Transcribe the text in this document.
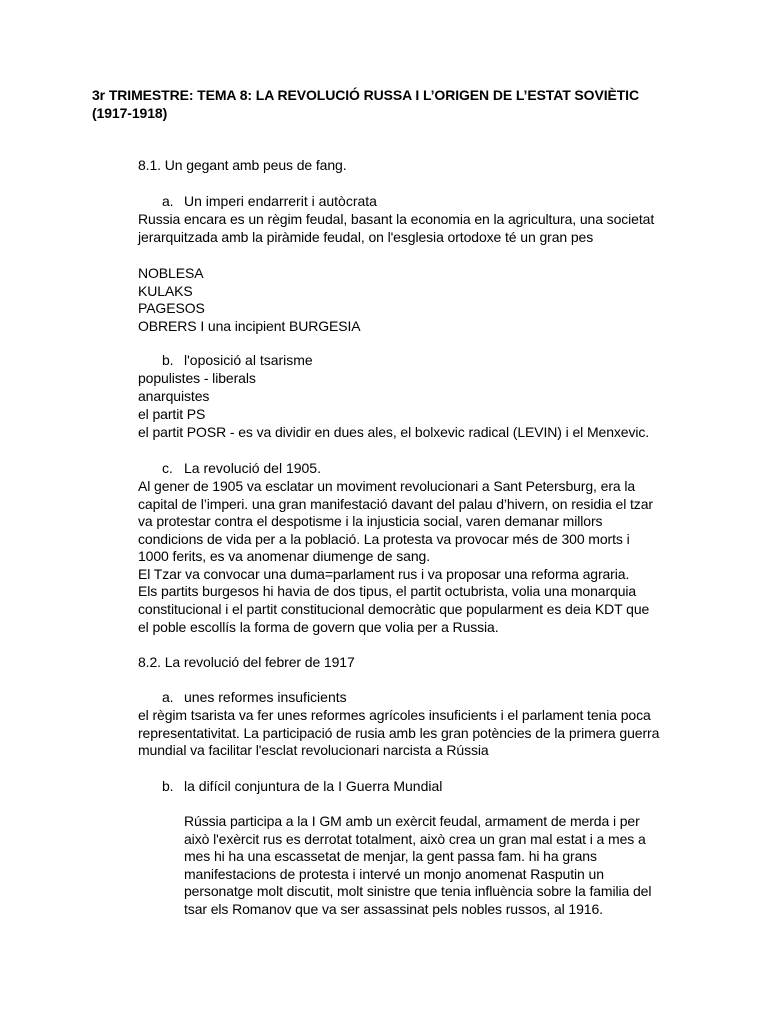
3r TRIMESTRE: TEMA 8: LA REVOLUCIÓ RUSSA I L’ORIGEN DE L’ESTAT SOVIÈTIC
(1917-1918)
8.1. Un gegant amb peus de fang.
a. Un imperi endarrerit i autòcrata
Russia encara es un règim feudal, basant la economia en la agricultura, una societat
jerarquitzada amb la piràmide feudal, on l'esglesia ortodoxe té un gran pes
NOBLESA
KULAKS
PAGESOS
OBRERS I una incipient BURGESIA
b. l'oposició al tsarisme
populistes - liberals
anarquistes
el partit PS
el partit POSR - es va dividir en dues ales, el bolxevic radical (LEVIN) i el Menxevic.
c. La revolució del 1905.
Al gener de 1905 va esclatar un moviment revolucionari a Sant Petersburg, era la
capital de l’imperi. una gran manifestació davant del palau d’hivern, on residia el tzar
va protestar contra el despotisme i la injusticia social, varen demanar millors
condicions de vida per a la població. La protesta va provocar més de 300 morts i
1000 ferits, es va anomenar diumenge de sang.
El Tzar va convocar una duma=parlament rus i va proposar una reforma agraria.
Els partits burgesos hi havia de dos tipus, el partit octubrista, volia una monarquia
constitucional i el partit constitucional democràtic que popularment es deia KDT que
el poble escollís la forma de govern que volia per a Russia.
8.2. La revolució del febrer de 1917
a. unes reformes insuficients
el règim tsarista va fer unes reformes agrícoles insuficients i el parlament tenia poca
representativitat. La participació de rusia amb les gran potències de la primera guerra
mundial va facilitar l'esclat revolucionari narcista a Rússia
b. la difícil conjuntura de la I Guerra Mundial
Rússia participa a la I GM amb un exèrcit feudal, armament de merda i per
això l'exèrcit rus es derrotat totalment, això crea un gran mal estat i a mes a
mes hi ha una escassetat de menjar, la gent passa fam. hi ha grans
manifestacions de protesta i intervé un monjo anomenat Rasputin un
personatge molt discutit, molt sinistre que tenia influència sobre la familia del
tsar els Romanov que va ser assassinat pels nobles russos, al 1916.
